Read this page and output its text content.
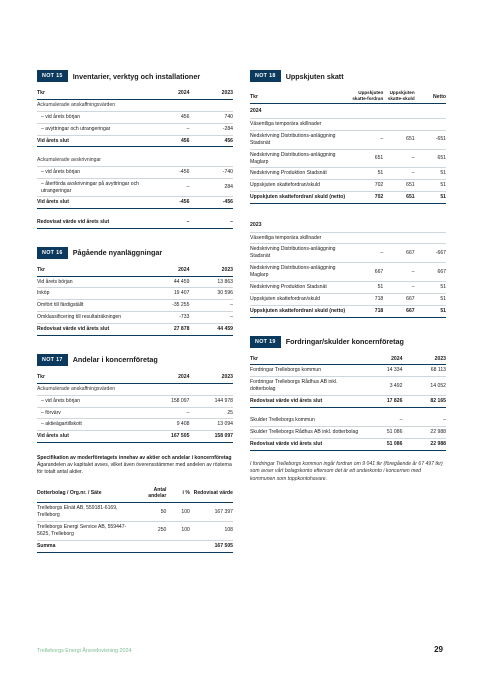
NOT 15	Inventarier, verktyg och installationer
Tkr	2024	2023
Ackumulerade anskaffningsvärden		
– vid årets början	456	740
– avyttringar och utrangeringar	–	-284
Vid årets slut	456	456

Ackumulerade avskrivningar		
– vid årets början	-456	-740
– återförda avskrivningar på avyttringar och utrangeringar	–	284
Vid årets slut	-456	-456

Redovisat värde vid årets slut	–	–
NOT 16	Pågående nyanläggningar
Tkr	2024	2023
Vid årets början	44 459	13 863
Inköp	19 407	30 596
Omfört till färdigställt	-35 255	–
Omklassificering till resultaträkningen	-733	–
Redovisat värde vid årets slut	27 878	44 459
NOT 17	Andelar i koncernföretag
Tkr	2024	2023
Ackumulerade anskaffningsvärden		
– vid årets början	158 097	144 978
– förvärv	–	25
– aktieägartillskott	9 408	13 094
Vid årets slut	167 505	158 097
Specifikation av moderföretagets innehav av aktier och andelar i koncernföretag
Ägarandelen av kapitalet avses, vilket även överensstämmer med andelen av rösterna för totalt antal aktier.
Dotterbolag / Org.nr. / Säte	Antal andelar	i %	Redovisat värde
Trelleborgs Elnät AB, 559181-6169, Trelleborg	50	100	167 397
Trelleborgs Energi Service AB, 559447-5625, Trelleborg	250	100	108
Summa			167 505
NOT 18	Uppskjuten skatt
Tkr	Uppskjuten skatte-fordran	Uppskjuten skatte-skuld	Netto
2024			
Väsentliga temporära skillnader			
Nedskrivning Distributions-anläggning Stadsnät	–	651	-651
Nedskrivning Distributions-anläggning Maglarp	651	–	651
Nedskrivning Produktion Stadsnät	51	–	51
Uppskjuten skattefordran/skuld	702	651	51
Uppskjuten skattefordran/ skuld (netto)	702	651	51

2023			
Väsentliga temporära skillnader			
Nedskrivning Distributions-anläggning Stadsnät	–	667	-667
Nedskrivning Distributions-anläggning Maglarp	667	–	667
Nedskrivning Produktion Stadsnät	51	–	51
Uppskjuten skattefordran/skuld	718	667	51
Uppskjuten skattefordran/ skuld (netto)	718	667	51
NOT 19	Fordringar/skulder koncernföretag
Tkr	2024	2023
Fordringar Trelleborgs kommun	14 334	68 113
Fordringar Trelleborgs Rådhus AB inkl. dotterbolag	3 492	14 052
Redovisat värde vid årets slut	17 826	82 165

Skulder Trelleborgs kommun	–	–
Skulder Trelleborgs Rådhus AB inkl. dotterbolag	51 086	22 988
Redovisat värde vid årets slut	51 086	22 988
I fordringar Trelleborgs kommun ingår fordran om 9 041 tkr (föregående år 67 497 tkr) som avser vårt bolagskonto eftersom det är ett underkonto i koncernen med kommunen som toppkontohavare.
Trelleborgs Energi Årsredovisning 2024	29
